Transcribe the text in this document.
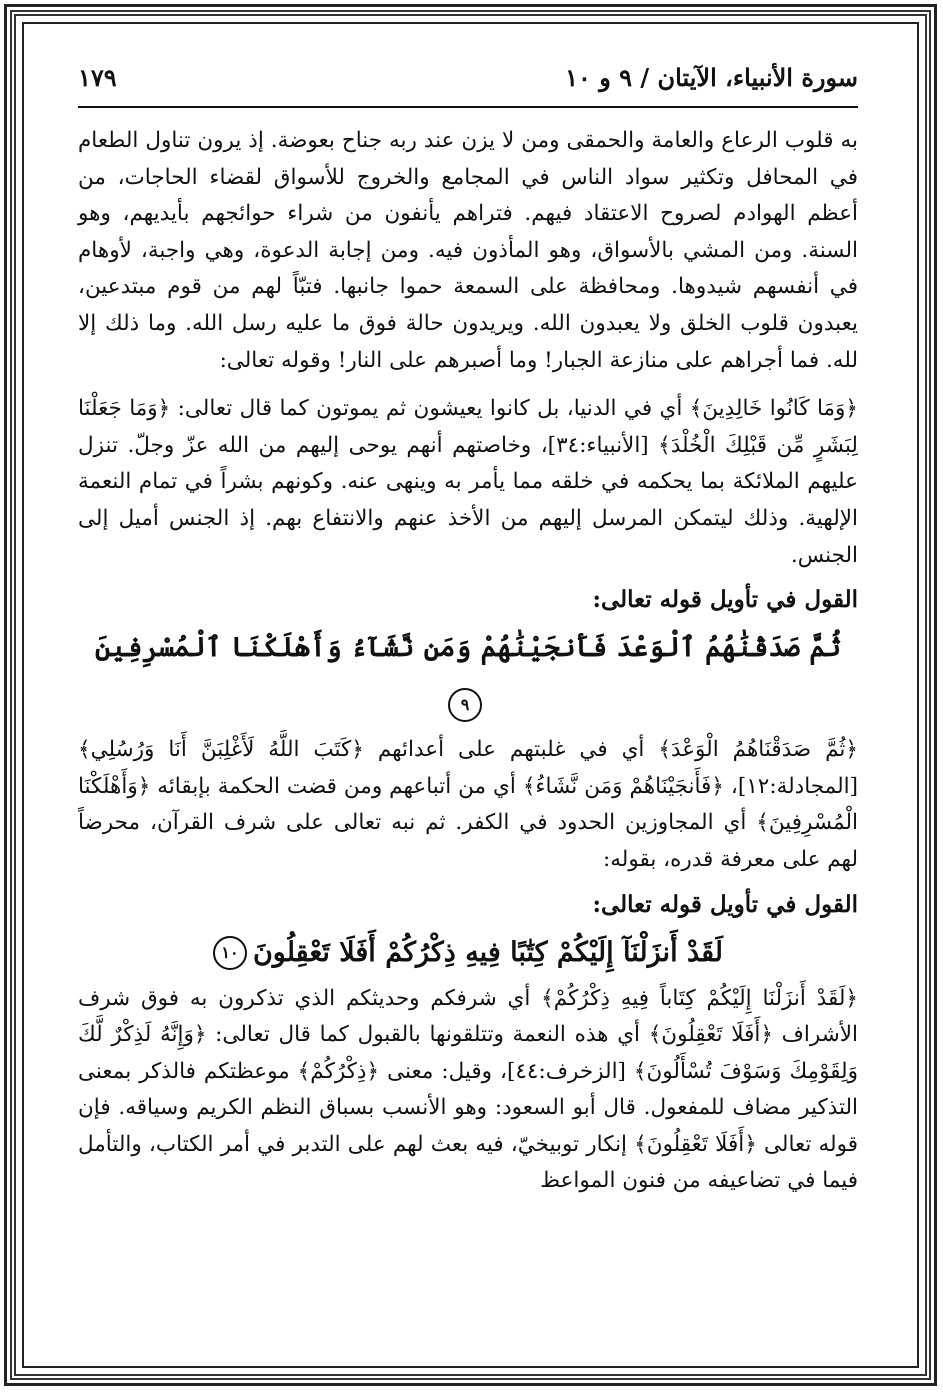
سورة الأنبياء، الآيتان / ٩ و ١٠
١٧٩

به قلوب الرعاع والعامة والحمقى ومن لا يزن عند ربه جناح بعوضة. إذ يرون تناول الطعام في المحافل وتكثير سواد الناس في المجامع والخروج للأسواق لقضاء الحاجات، من أعظم الهوادم لصروح الاعتقاد فيهم. فتراهم يأنفون من شراء حوائجهم بأيديهم، وهو السنة. ومن المشي بالأسواق، وهو المأذون فيه. ومن إجابة الدعوة، وهي واجبة، لأوهام في أنفسهم شيدوها. ومحافظة على السمعة حموا جانبها. فتبّاً لهم من قوم مبتدعين، يعبدون قلوب الخلق ولا يعبدون الله. ويريدون حالة فوق ما عليه رسل الله. وما ذلك إلا لله. فما أجراهم على منازعة الجبار! وما أصبرهم على النار! وقوله تعالى:

﴿وَمَا كَانُوا خَالِدِينَ﴾ أي في الدنيا، بل كانوا يعيشون ثم يموتون كما قال تعالى: ﴿وَمَا جَعَلْنَا لِبَشَرٍ مِّن قَبْلِكَ الْخُلْدَ﴾ [الأنبياء:٣٤]، وخاصتهم أنهم يوحى إليهم من الله عزّ وجلّ. تنزل عليهم الملائكة بما يحكمه في خلقه مما يأمر به وينهى عنه. وكونهم بشراً في تمام النعمة الإلهية. وذلك ليتمكن المرسل إليهم من الأخذ عنهم والانتفاع بهم. إذ الجنس أميل إلى الجنس.

القول في تأويل قوله تعالى:

ثُمَّ صَدَقْنَٰهُمُ ٱلْوَعْدَ فَأَنجَيْنَٰهُمْ وَمَن نَّشَآءُ وَأَهْلَكْنَا ٱلْمُسْرِفِينَ٩

﴿ثُمَّ صَدَقْنَاهُمُ الْوَعْدَ﴾ أي في غلبتهم على أعدائهم ﴿كَتَبَ اللَّهُ لَأَغْلِبَنَّ أَنَا وَرُسُلِي﴾ [المجادلة:١٢]، ﴿فَأَنجَيْنَاهُمْ وَمَن نَّشَاءُ﴾ أي من أتباعهم ومن قضت الحكمة بإبقائه ﴿وَأَهْلَكْنَا الْمُسْرِفِينَ﴾ أي المجاوزين الحدود في الكفر. ثم نبه تعالى على شرف القرآن، محرضاً لهم على معرفة قدره، بقوله:

القول في تأويل قوله تعالى:

لَقَدْ أَنزَلْنَآ إِلَيْكُمْ كِتَٰبًا فِيهِ ذِكْرُكُمْ أَفَلَا تَعْقِلُونَ١٠

﴿لَقَدْ أَنزَلْنَا إِلَيْكُمْ كِتَاباً فِيهِ ذِكْرُكُمْ﴾ أي شرفكم وحديثكم الذي تذكرون به فوق شرف الأشراف ﴿أَفَلَا تَعْقِلُونَ﴾ أي هذه النعمة وتتلقونها بالقبول كما قال تعالى: ﴿وَإِنَّهُ لَذِكْرٌ لَّكَ وَلِقَوْمِكَ وَسَوْفَ تُسْأَلُونَ﴾ [الزخرف:٤٤]، وقيل: معنى ﴿ذِكْرُكُمْ﴾ موعظتكم فالذكر بمعنى التذكير مضاف للمفعول. قال أبو السعود: وهو الأنسب بسباق النظم الكريم وسياقه. فإن قوله تعالى ﴿أَفَلَا تَعْقِلُونَ﴾ إنكار توبيخيّ، فيه بعث لهم على التدبر في أمر الكتاب، والتأمل فيما في تضاعيفه من فنون المواعظ
